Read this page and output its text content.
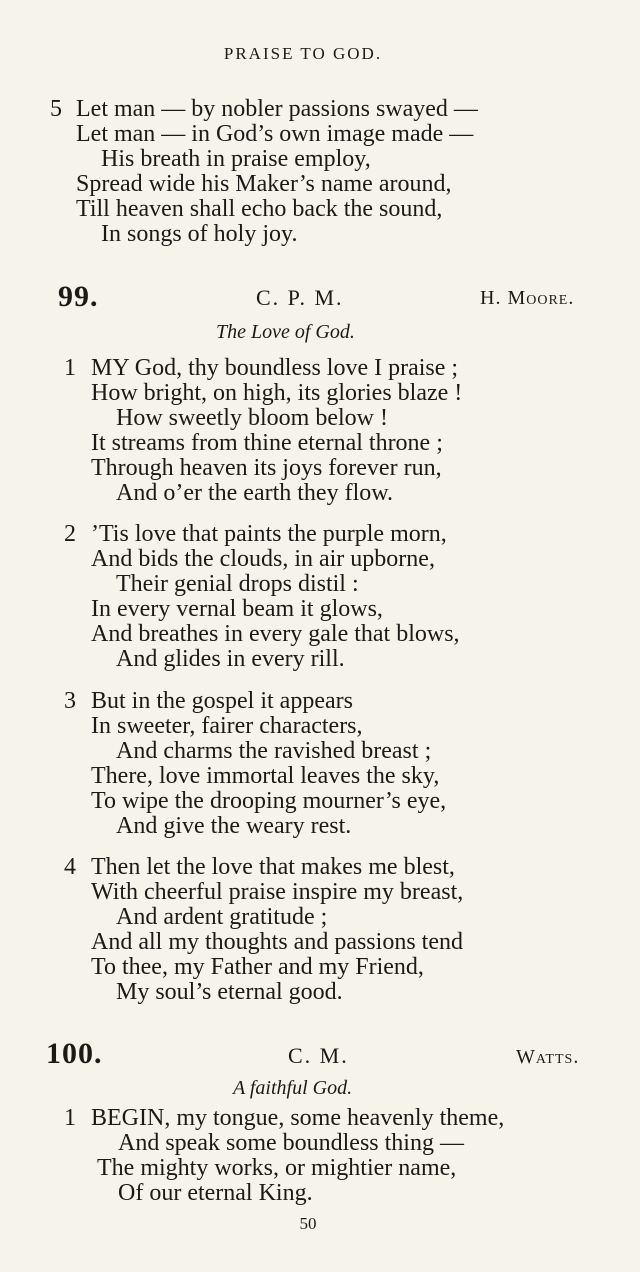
PRAISE TO GOD.
5 Let man — by nobler passions swayed —
Let man — in God’s own image made —
His breath in praise employ,
Spread wide his Maker’s name around,
Till heaven shall echo back the sound,
In songs of holy joy.
99.	C. P. M.	H. Moore.
The Love of God.
1 MY God, thy boundless love I praise ;
How bright, on high, its glories blaze !
How sweetly bloom below !
It streams from thine eternal throne ;
Through heaven its joys forever run,
And o’er the earth they flow.
2 ’Tis love that paints the purple morn,
And bids the clouds, in air upborne,
Their genial drops distil :
In every vernal beam it glows,
And breathes in every gale that blows,
And glides in every rill.
3 But in the gospel it appears
In sweeter, fairer characters,
And charms the ravished breast ;
There, love immortal leaves the sky,
To wipe the drooping mourner’s eye,
And give the weary rest.
4 Then let the love that makes me blest,
With cheerful praise inspire my breast,
And ardent gratitude ;
And all my thoughts and passions tend
To thee, my Father and my Friend,
My soul’s eternal good.
100.	C. M.	Watts.
A faithful God.
1 BEGIN, my tongue, some heavenly theme,
And speak some boundless thing —
The mighty works, or mightier name,
Of our eternal King.
50
